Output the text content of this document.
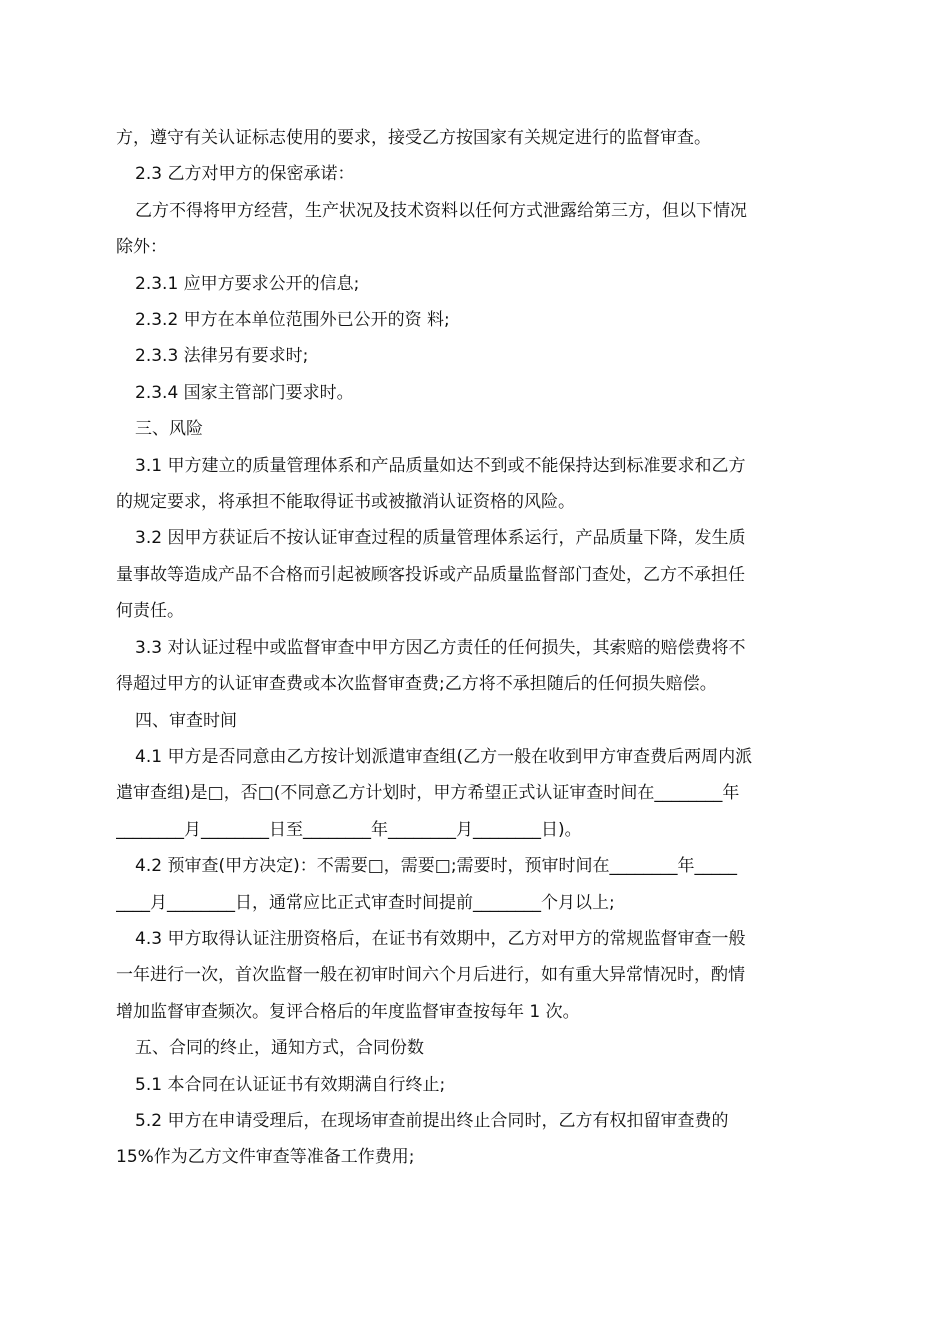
方，遵守有关认证标志使用的要求，接受乙方按国家有关规定进行的监督审查。

2.3 乙方对甲方的保密承诺：

乙方不得将甲方经营，生产状况及技术资料以任何方式泄露给第三方，但以下情况
除外：

2.3.1 应甲方要求公开的信息;

2.3.2 甲方在本单位范围外已公开的资 料;

2.3.3 法律另有要求时;

2.3.4 国家主管部门要求时。

三、风险

3.1 甲方建立的质量管理体系和产品质量如达不到或不能保持达到标准要求和乙方
的规定要求，将承担不能取得证书或被撤消认证资格的风险。

3.2 因甲方获证后不按认证审查过程的质量管理体系运行，产品质量下降，发生质
量事故等造成产品不合格而引起被顾客投诉或产品质量监督部门查处，乙方不承担任
何责任。

3.3 对认证过程中或监督审查中甲方因乙方责任的任何损失，其索赔的赔偿费将不
得超过甲方的认证审查费或本次监督审查费;乙方将不承担随后的任何损失赔偿。

四、审查时间

4.1 甲方是否同意由乙方按计划派遣审查组(乙方一般在收到甲方审查费后两周内派
遣审查组)是□，否□(不同意乙方计划时，甲方希望正式认证审查时间在________年
________月________日至________年________月________日)。

4.2 预审查(甲方决定)：不需要□，需要□;需要时，预审时间在________年_____
____月________日，通常应比正式审查时间提前________个月以上;

4.3 甲方取得认证注册资格后，在证书有效期中，乙方对甲方的常规监督审查一般
一年进行一次，首次监督一般在初审时间六个月后进行，如有重大异常情况时，酌情
增加监督审查频次。复评合格后的年度监督审查按每年 1 次。

五、合同的终止，通知方式，合同份数

5.1 本合同在认证证书有效期满自行终止;

5.2 甲方在申请受理后，在现场审查前提出终止合同时，乙方有权扣留审查费的
15%作为乙方文件审查等准备工作费用;
